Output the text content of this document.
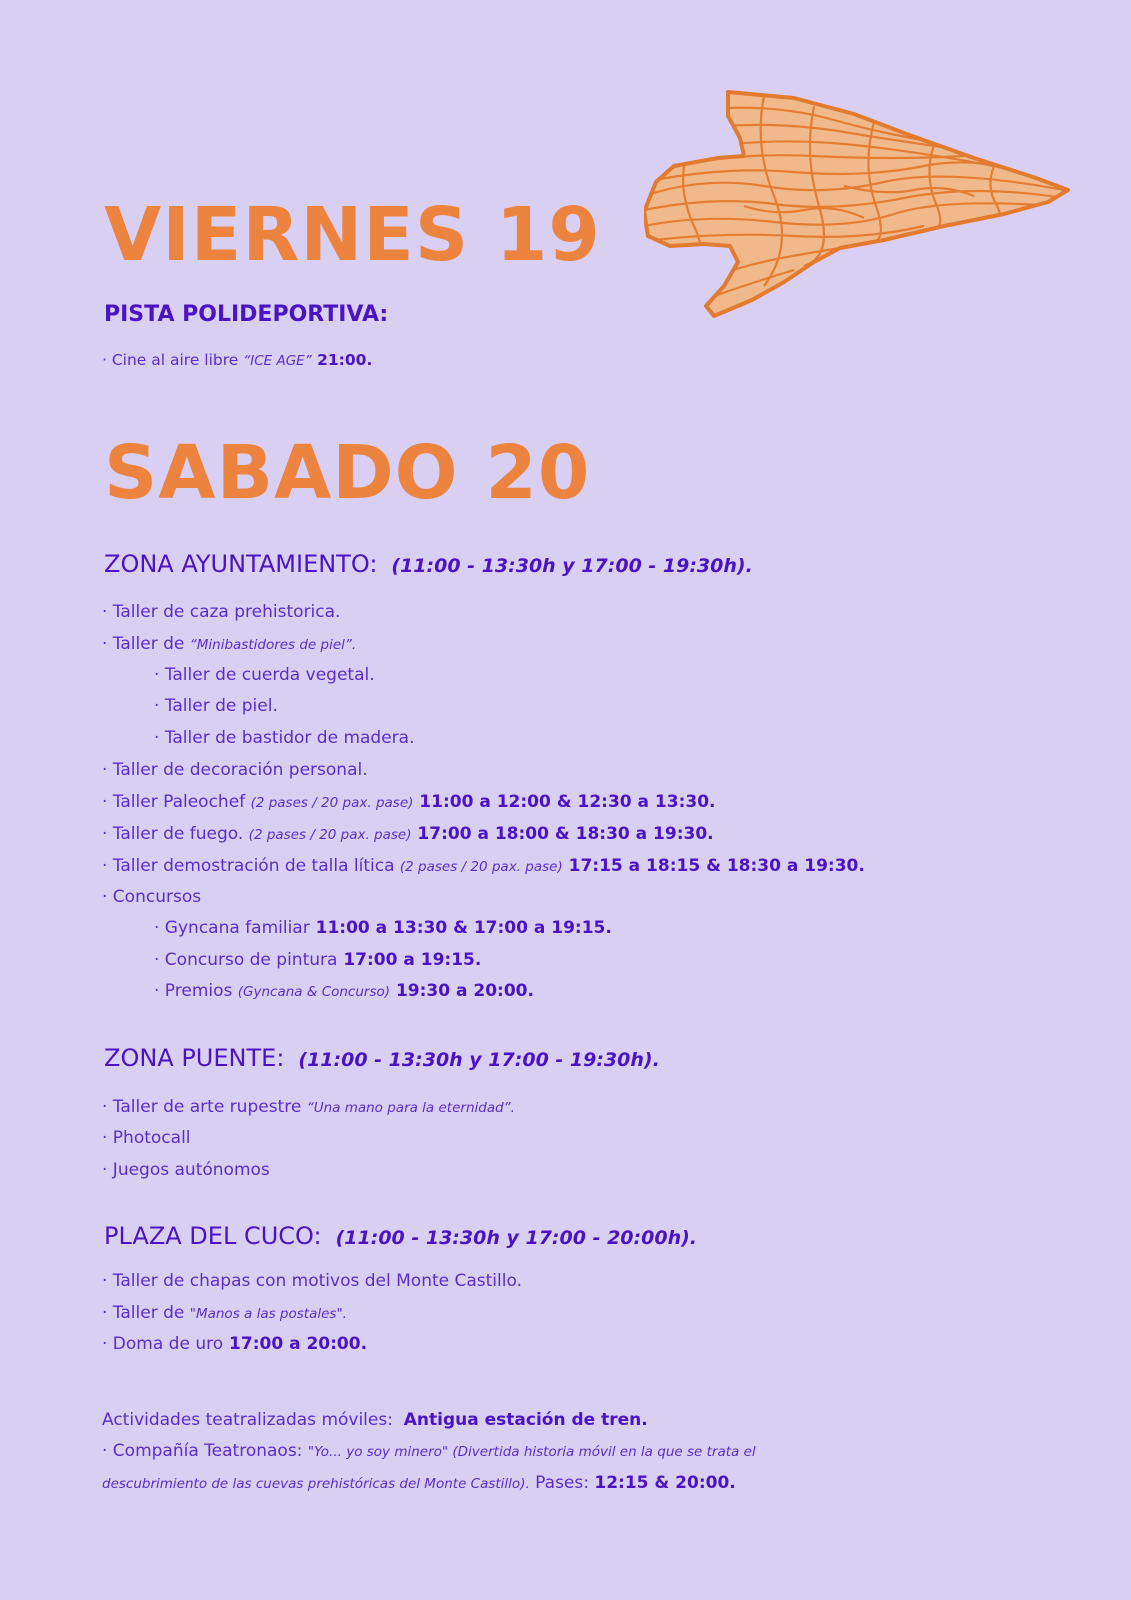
VIERNES 19
PISTA POLIDEPORTIVA:

· Cine al aire libre “ICE AGE” 21:00.

SABADO 20
ZONA AYUNTAMIENTO: (11:00 - 13:30h y 17:00 - 19:30h).

· Taller de caza prehistorica.

· Taller de “Minibastidores de piel”.

· Taller de cuerda vegetal.

· Taller de piel.

· Taller de bastidor de madera.

· Taller de decoración personal.

· Taller Paleochef (2 pases / 20 pax. pase) 11:00 a 12:00 & 12:30 a 13:30.

· Taller de fuego. (2 pases / 20 pax. pase) 17:00 a 18:00 & 18:30 a 19:30.

· Taller demostración de talla lítica (2 pases / 20 pax. pase) 17:15 a 18:15 & 18:30 a 19:30.

· Concursos

· Gyncana familiar 11:00 a 13:30 & 17:00 a 19:15.

· Concurso de pintura 17:00 a 19:15.

· Premios (Gyncana & Concurso) 19:30 a 20:00.

ZONA PUENTE: (11:00 - 13:30h y 17:00 - 19:30h).

· Taller de arte rupestre “Una mano para la eternidad”.

· Photocall

· Juegos autónomos

PLAZA DEL CUCO: (11:00 - 13:30h y 17:00 - 20:00h).

· Taller de chapas con motivos del Monte Castillo.

· Taller de "Manos a las postales".

· Doma de uro 17:00 a 20:00.

Actividades teatralizadas móviles: Antigua estación de tren.

· Compañía Teatronaos: "Yo... yo soy minero" (Divertida historia móvil en la que se trata el

descubrimiento de las cuevas prehistóricas del Monte Castillo). Pases: 12:15 & 20:00.
